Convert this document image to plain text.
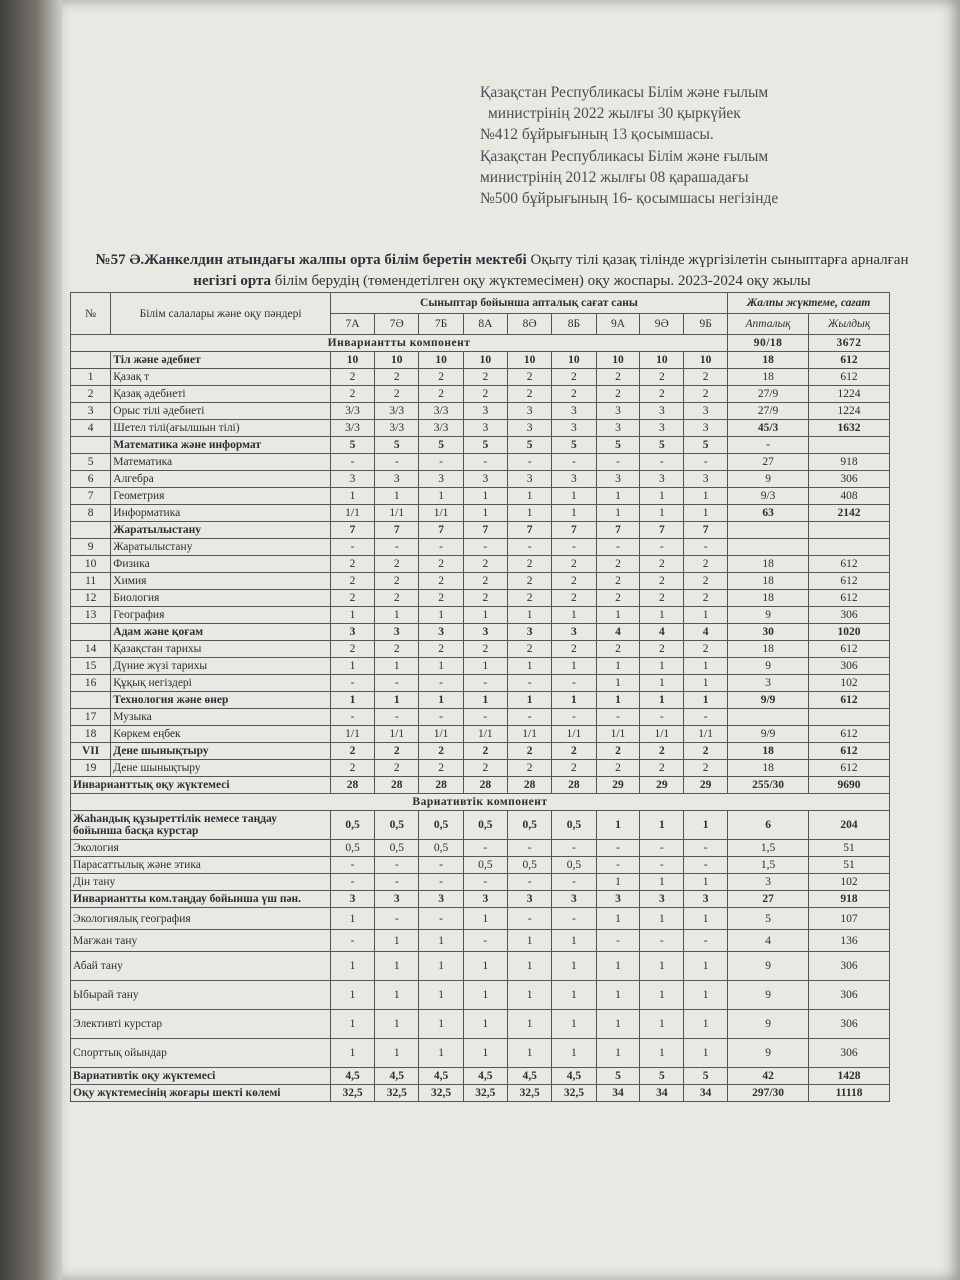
Қазақстан Республикасы Білім және ғылым
министрінің 2022 жылғы 30 қыркүйек
№412 бұйрығының 13 қосымшасы.
Қазақстан Республикасы Білім және ғылым
министрінің 2012 жылғы 08 қарашадағы
№500 бұйрығының 16- қосымшасы негізінде
№57 Ә.Жанкелдин атындағы жалпы орта білім беретін мектебі Оқыту тілі қазақ тілінде жүргізілетін сыныптарға арналған негізгі орта білім берудің (төмендетілген оқу жүктемесімен) оқу жоспары. 2023-2024 оқу жылы
№	Білім салалары және оқу пәндері	Сыныптар бойынша апталық сағат саны									Жалпы жүктеме, сағат	
		7А	7Ә	7Б	8А	8Ә	8Б	9А	9Ә	9Б	Апталық	Жылдық
Инвариантты компонент											90/18	3672
	Тіл және әдебиет	10	10	10	10	10	10	10	10	10	18	612
1	Қазақ т	2	2	2	2	2	2	2	2	2	18	612
2	Қазақ әдебиеті	2	2	2	2	2	2	2	2	2	27/9	1224
3	Орыс тілі әдебиеті	3/3	3/3	3/3	3	3	3	3	3	3	27/9	1224
4	Шетел тілі(ағылшын тілі)	3/3	3/3	3/3	3	3	3	3	3	3	45/3	1632
	Математика және информат	5	5	5	5	5	5	5	5	5	-	
5	Математика	-	-	-	-	-	-	-	-	-	27	918
6	Алгебра	3	3	3	3	3	3	3	3	3	9	306
7	Геометрия	1	1	1	1	1	1	1	1	1	9/3	408
8	Информатика	1/1	1/1	1/1	1	1	1	1	1	1	63	2142
	Жаратылыстану	7	7	7	7	7	7	7	7	7		
9	Жаратылыстану	-	-	-	-	-	-	-	-	-		
10	Физика	2	2	2	2	2	2	2	2	2	18	612
11	Химия	2	2	2	2	2	2	2	2	2	18	612
12	Биология	2	2	2	2	2	2	2	2	2	18	612
13	География	1	1	1	1	1	1	1	1	1	9	306
	Адам және қоғам	3	3	3	3	3	3	4	4	4	30	1020
14	Қазақстан тарихы	2	2	2	2	2	2	2	2	2	18	612
15	Дүние жүзі тарихы	1	1	1	1	1	1	1	1	1	9	306
16	Құқық негіздері	-	-	-	-	-	-	1	1	1	3	102
	Технология және өнер	1	1	1	1	1	1	1	1	1	9/9	612
17	Музыка	-	-	-	-	-	-	-	-	-		
18	Көркем еңбек	1/1	1/1	1/1	1/1	1/1	1/1	1/1	1/1	1/1	9/9	612
VII	Дене шынықтыру	2	2	2	2	2	2	2	2	2	18	612
19	Дене шынықтыру	2	2	2	2	2	2	2	2	2	18	612
Инварианттық оқу жүктемесі		28	28	28	28	28	28	29	29	29	255/30	9690
Вариативтік компонент												
Жаһандық құзыреттілік немесе таңдау бойынша басқа курстар		0,5	0,5	0,5	0,5	0,5	0,5	1	1	1	6	204
Экология		0,5	0,5	0,5	-	-	-	-	-	-	1,5	51
Парасаттылық және этика		-	-	-	0,5	0,5	0,5	-	-	-	1,5	51
Дін тану		-	-	-	-	-	-	1	1	1	3	102
Инвариантты ком.таңдау бойынша үш пән.		3	3	3	3	3	3	3	3	3	27	918
Экологиялық география		1	-	-	1	-	-	1	1	1	5	107
Мағжан тану		-	1	1	-	1	1	-	-	-	4	136
Абай тану		1	1	1	1	1	1	1	1	1	9	306
Ыбырай тану		1	1	1	1	1	1	1	1	1	9	306
Элективті курстар		1	1	1	1	1	1	1	1	1	9	306
Спорттық ойындар		1	1	1	1	1	1	1	1	1	9	306
Вариативтік оқу жүктемесі		4,5	4,5	4,5	4,5	4,5	4,5	5	5	5	42	1428
Оқу жүктемесінің жоғары шекті көлемі		32,5	32,5	32,5	32,5	32,5	32,5	34	34	34	297/30	11118
